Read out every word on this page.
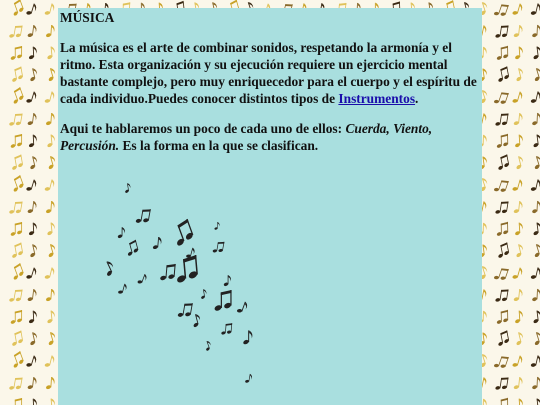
MÚSICA

La música es el arte de combinar sonidos, respetando la armonía y el ritmo. Esta organización y su ejecución requiere un ejercicio mental bastante complejo, pero muy enriquecedor para el cuerpo y el espíritu de cada individuo.Puedes conocer distintos tipos de Instrumentos.

Aqui te hablaremos un poco de cada uno de ellos: Cuerda, Viento, Percusión. Es la forma en la que se clasifican.
